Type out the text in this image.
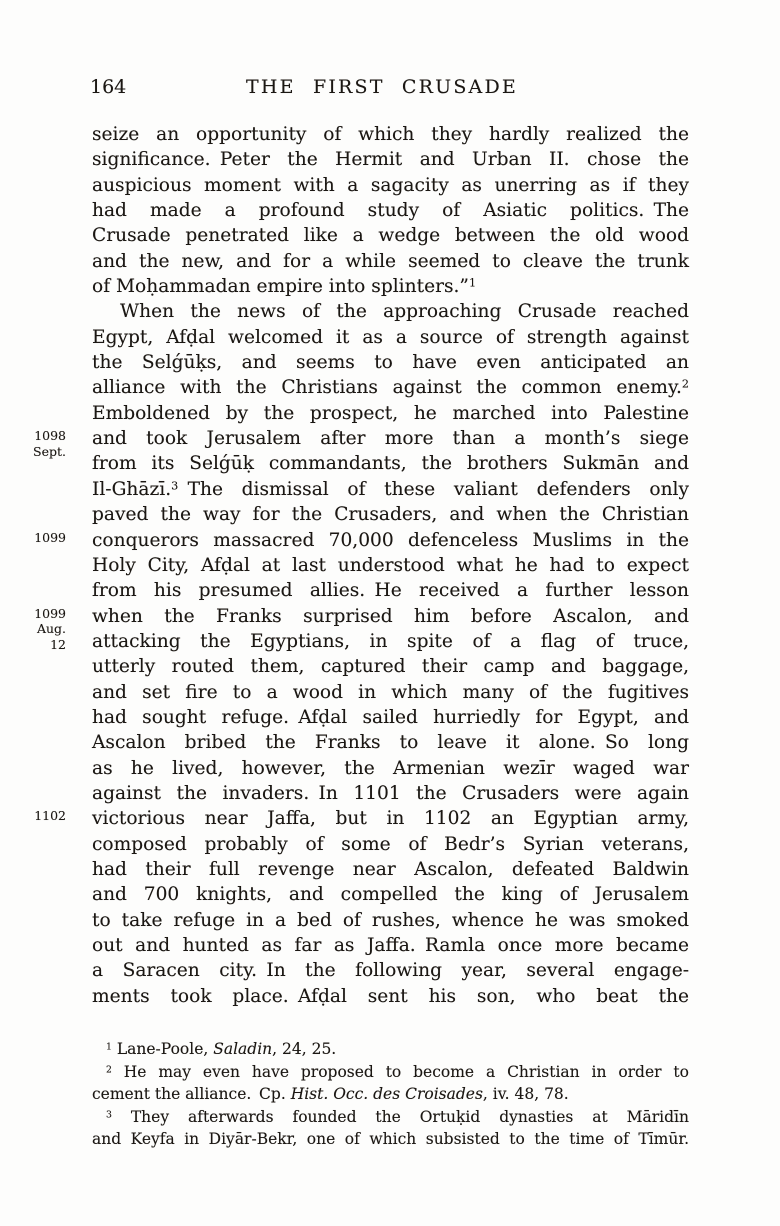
164	THE FIRST CRUSADE
1098
Sept.
1099
1099
Aug.
12
1102
seize an opportunity of which they hardly realized the
significance. Peter the Hermit and Urban II. chose the
auspicious moment with a sagacity as unerring as if they
had made a profound study of Asiatic politics. The
Crusade penetrated like a wedge between the old wood
and the new, and for a while seemed to cleave the trunk
of Moḥammadan empire into splinters.”$^1$
When the news of the approaching Crusade reached
Egypt, Afḍal welcomed it as a source of strength against
the Selǵūḳs, and seems to have even anticipated an
alliance with the Christians against the common enemy.$^2$
Emboldened by the prospect, he marched into Palestine
and took Jerusalem after more than a month’s siege
from its Selǵūḳ commandants, the brothers Sukmān and
Il-Ghāzī.$^3$ The dismissal of these valiant defenders only
paved the way for the Crusaders, and when the Christian
conquerors massacred 70,000 defenceless Muslims in the
Holy City, Afḍal at last understood what he had to expect
from his presumed allies. He received a further lesson
when the Franks surprised him before Ascalon, and
attacking the Egyptians, in spite of a flag of truce,
utterly routed them, captured their camp and baggage,
and set fire to a wood in which many of the fugitives
had sought refuge. Afḍal sailed hurriedly for Egypt, and
Ascalon bribed the Franks to leave it alone. So long
as he lived, however, the Armenian wezīr waged war
against the invaders. In 1101 the Crusaders were again
victorious near Jaffa, but in 1102 an Egyptian army,
composed probably of some of Bedr’s Syrian veterans,
had their full revenge near Ascalon, defeated Baldwin
and 700 knights, and compelled the king of Jerusalem
to take refuge in a bed of rushes, whence he was smoked
out and hunted as far as Jaffa. Ramla once more became
a Saracen city. In the following year, several engage-
ments took place. Afḍal sent his son, who beat the
$^1$ Lane-Poole, Saladin, 24, 25.
$^2$ He may even have proposed to become a Christian in order to
cement the alliance. Cp. Hist. Occ. des Croisades, iv. 48, 78.
$^3$ They afterwards founded the Ortuḳid dynasties at Māridīn
and Keyfa in Diyār-Bekr, one of which subsisted to the time of Tīmūr.
